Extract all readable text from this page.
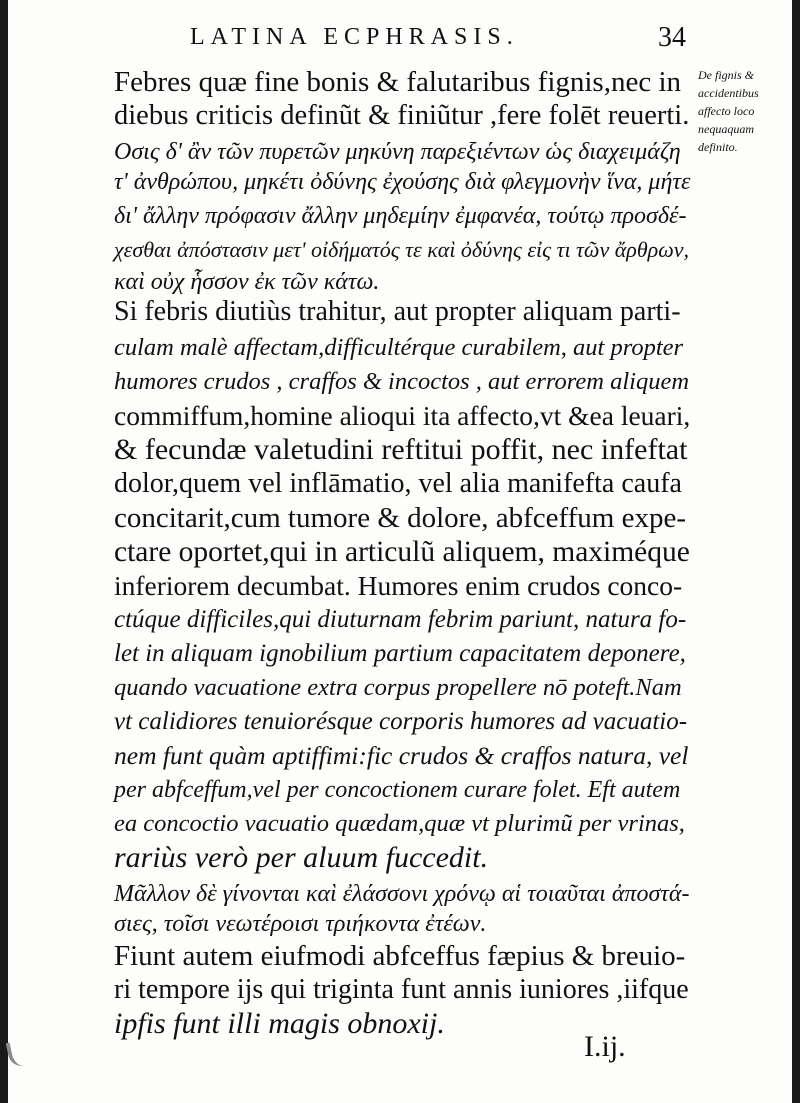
LATINA ECPHRASIS.	34
De fignis &
accidentibus
affecto loco
nequaquam
definito.
Febres quæ fine bonis & falutaribus fignis,nec in
diebus criticis definũt & finiũtur ,fere folēt reuerti.
Οσις δ' ἂν τῶν πυρετῶν μηκύνη παρεξιέντων ὡς διαχειμάζη
τ' ἀνθρώπου, μηκέτι ὀδύνης ἐχούσης διὰ φλεγμονὴν ἵνα, μήτε
δι' ἄλλην πρόφασιν ἄλλην μηδεμίην ἐμφανέα, τούτῳ προσδέ-
χεσθαι ἀπόστασιν μετ' οἰδήματός τε καὶ ὀδύνης εἰς τι τῶν ἄρθρων,
καὶ οὐχ ἧσσον ἐκ τῶν κάτω.
Si febris diutiùs trahitur, aut propter aliquam parti-
culam malè affectam,difficultérque curabilem, aut propter
humores crudos , craffos & incoctos , aut errorem aliquem
commiffum,homine alioqui ita affecto,vt &ea leuari,
& fecundæ valetudini reftitui poffit, nec infeftat
dolor,quem vel inflāmatio, vel alia manifefta caufa
concitarit,cum tumore & dolore, abfceffum expe-
ctare oportet,qui in articulũ aliquem, maximéque
inferiorem decumbat. Humores enim crudos conco-
ctúque difficiles,qui diuturnam febrim pariunt, natura fo-
let in aliquam ignobilium partium capacitatem deponere,
quando vacuatione extra corpus propellere nō poteft.Nam
vt calidiores tenuiorésque corporis humores ad vacuatio-
nem funt quàm aptiffimi:fic crudos & craffos natura, vel
per abfceffum,vel per concoctionem curare folet. Eft autem
ea concoctio vacuatio quædam,quæ vt plurimũ per vrinas,
rariùs verò per aluum fuccedit.
Μᾶλλον δὲ γίνονται καὶ ἐλάσσονι χρόνῳ αἱ τοιαῦται ἀποστά-
σιες, τοῖσι νεωτέροισι τριήκοντα ἐτέων.
Fiunt autem eiufmodi abfceffus fæpius & breuio-
ri tempore ijs qui triginta funt annis iuniores ,iifque
ipfis funt illi magis obnoxij.
I.ij.
